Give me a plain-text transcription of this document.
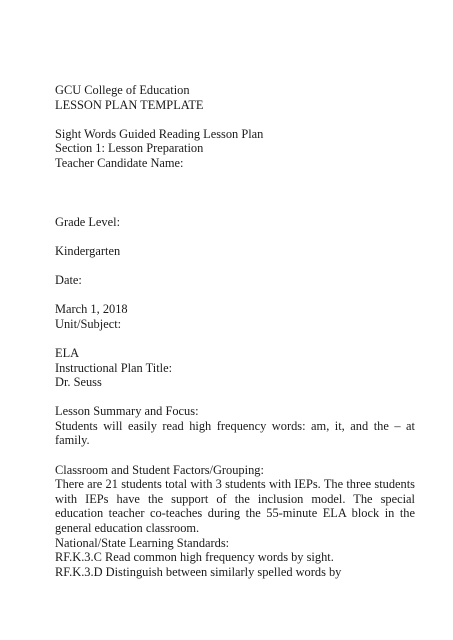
GCU College of Education
LESSON PLAN TEMPLATE
Sight Words Guided Reading Lesson Plan
Section 1: Lesson Preparation
Teacher Candidate Name:
Grade Level:
Kindergarten
Date:
March 1, 2018
Unit/Subject:
ELA
Instructional Plan Title:
Dr. Seuss
Lesson Summary and Focus:
Students will easily read high frequency words: am, it, and the – at family.
Classroom and Student Factors/Grouping:
There are 21 students total with 3 students with IEPs. The three students with IEPs have the support of the inclusion model. The special education teacher co-teaches during the 55-minute ELA block in the general education classroom.
National/State Learning Standards:
RF.K.3.C Read common high frequency words by sight.
RF.K.3.D Distinguish between similarly spelled words by
